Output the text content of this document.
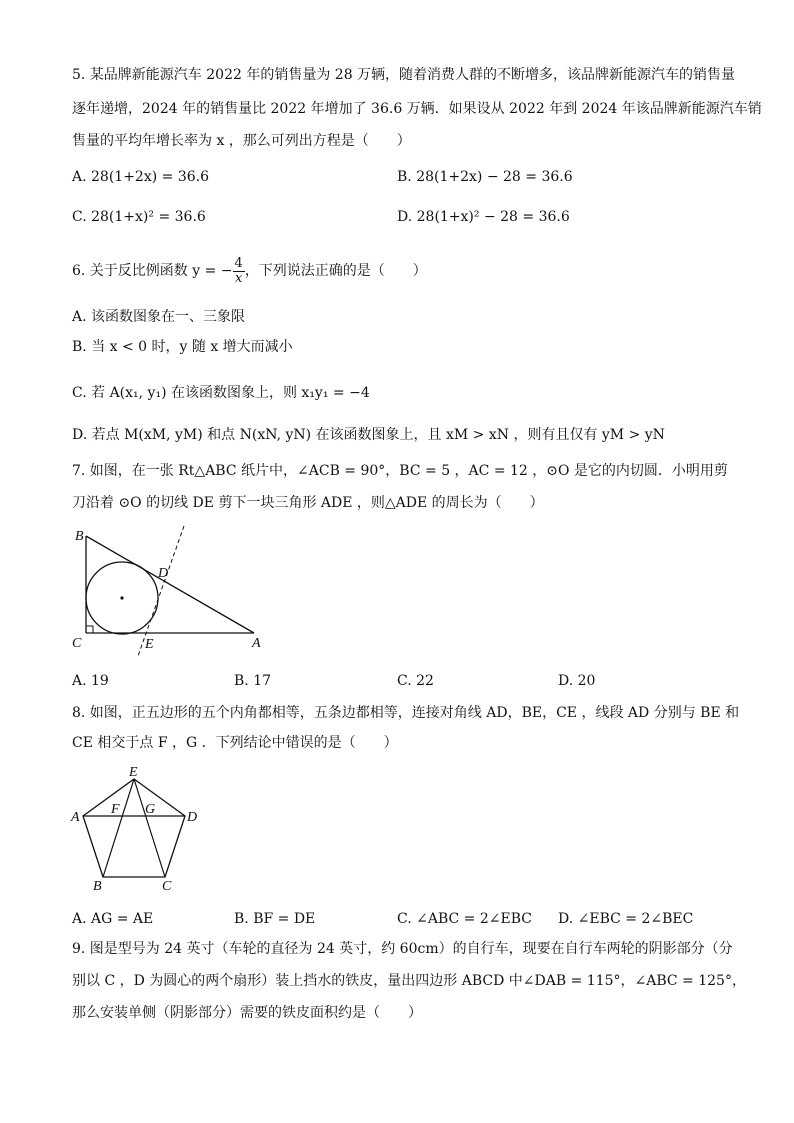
5. 某品牌新能源汽车 2022 年的销售量为 28 万辆，随着消费人群的不断增多，该品牌新能源汽车的销售量
逐年递增，2024 年的销售量比 2022 年增加了 36.6 万辆．如果设从 2022 年到 2024 年该品牌新能源汽车销
售量的平均年增长率为 x ，那么可列出方程是（　　）
A. 28(1+2x) = 36.6	B. 28(1+2x) − 28 = 36.6
C. 28(1+x)² = 36.6	D. 28(1+x)² − 28 = 36.6
6. 关于反比例函数 y = − $\frac{4}{x}$ ，下列说法正确的是（　　）
A. 该函数图象在一、三象限
B. 当 x < 0 时，y 随 x 增大而减小
C. 若 A(x₁, y₁) 在该函数图象上，则 x₁y₁ = −4
D. 若点 M(xM, yM) 和点 N(xN, yN) 在该函数图象上，且 xM > xN ，则有且仅有 yM > yN
7. 如图，在一张 Rt△ABC 纸片中，∠ACB = 90°，BC = 5 ，AC = 12 ，⊙O 是它的内切圆．小明用剪
刀沿着 ⊙O 的切线 DE 剪下一块三角形 ADE ，则△ADE 的周长为（　　）
B
C	A
D
E
A. 19	B. 17	C. 22	D. 20
8. 如图，正五边形的五个内角都相等，五条边都相等，连接对角线 AD，BE，CE ，线段 AD 分别与 BE 和
CE 相交于点 F ，G ．下列结论中错误的是（　　）
E
A	D
B	C
F G
A. AG = AE	B. BF = DE	C. ∠ABC = 2∠EBC D. ∠EBC = 2∠BEC
9. 图是型号为 24 英寸（车轮的直径为 24 英寸，约 60cm）的自行车，现要在自行车两轮的阴影部分（分
别以 C ，D 为圆心的两个扇形）装上挡水的铁皮，量出四边形 ABCD 中∠DAB = 115°，∠ABC = 125°，
那么安装单侧（阴影部分）需要的铁皮面积约是（　　）
